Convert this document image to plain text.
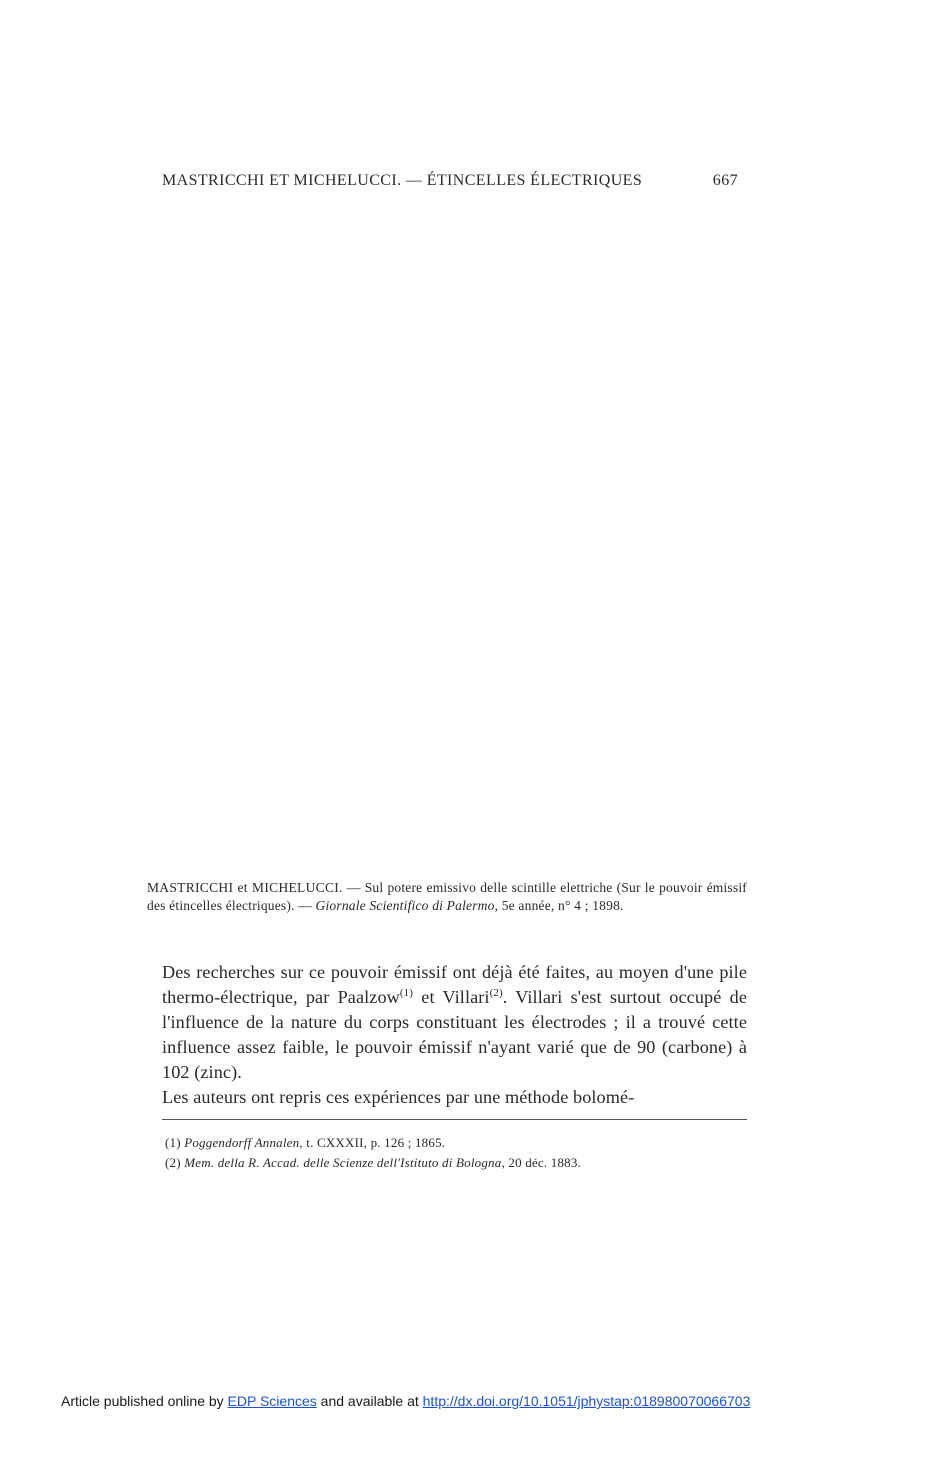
MASTRICCHI ET MICHELUCCI. — ÉTINCELLES ÉLECTRIQUES	667
MASTRICCHI et MICHELUCCI. — Sul potere emissivo delle scintille elettriche (Sur le pouvoir émissif des étincelles électriques). — Giornale Scientifico di Palermo, 5e année, n° 4 ; 1898.

Des recherches sur ce pouvoir émissif ont déjà été faites, au moyen d'une pile thermo-électrique, par Paalzow$^{(1)}$ et Villari$^{(2)}$. Villari s'est surtout occupé de l'influence de la nature du corps constituant les électrodes ; il a trouvé cette influence assez faible, le pouvoir émissif n'ayant varié que de 90 (carbone) à 102 (zinc).

Les auteurs ont repris ces expériences par une méthode bolomé-

(1) Poggendorff Annalen, t. CXXXII, p. 126 ; 1865.
(2) Mem. della R. Accad. delle Scienze dell'Istituto di Bologna, 20 déc. 1883.
Article published online by EDP Sciences and available at http://dx.doi.org/10.1051/jphystap:018980070066703
